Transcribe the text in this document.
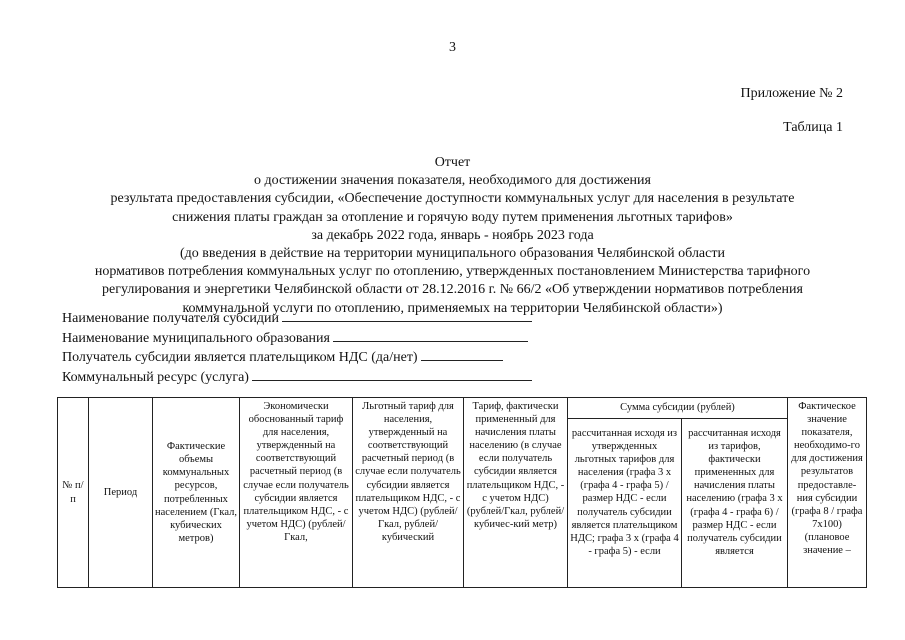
3
Приложение № 2
Таблица 1
Отчет
о достижении значения показателя, необходимого для достижения
результата предоставления субсидии, «Обеспечение доступности коммунальных услуг для населения в результате
снижения платы граждан за отопление и горячую воду путем применения льготных тарифов»
за декабрь 2022 года, январь - ноябрь 2023 года
(до введения в действие на территории муниципального образования Челябинской области
нормативов потребления коммунальных услуг по отоплению, утвержденных постановлением Министерства тарифного
регулирования и энергетики Челябинской области от 28.12.2016 г. № 66/2 «Об утверждении нормативов потребления
коммунальной услуги по отоплению, применяемых на территории Челябинской области»)
Наименование получателя субсидии
Наименование муниципального образования
Получатель субсидии является плательщиком НДС (да/нет)
Коммунальный ресурс (услуга)
№ п/п	Период	Фактические объемы коммунальных ресурсов, потребленных населением (Гкал, кубических метров)	Экономически обоснованный тариф для населения, утвержденный на соответствующий расчетный период (в случае если получатель субсидии является плательщиком НДС, - с учетом НДС) (рублей/Гкал,	Льготный тариф для населения, утвержденный на соответствующий расчетный период (в случае если получатель субсидии является плательщиком НДС, - с учетом НДС) (рублей/Гкал, рублей/кубический	Тариф, фактически примененный для начисления платы населению (в случае если получатель субсидии является плательщиком НДС, - с учетом НДС) (рублей/Гкал, рублей/кубичес-кий метр)	Сумма субсидии (рублей)		Фактическое значение показателя, необходимо-го для достижения результатов предоставле-ния субсидии (графа 8 / графа 7х100) (плановое значение –

						рассчитанная исходя из утвержденных льготных тарифов для населения (графа 3 х (графа 4 - графа 5) / размер НДС - если получатель субсидии является плательщиком НДС; графа 3 х (графа 4 - графа 5) - если	рассчитанная исходя из тарифов, фактически примененных для начисления платы населению (графа 3 х (графа 4 - графа 6) / размер НДС - если получатель субсидии является	
